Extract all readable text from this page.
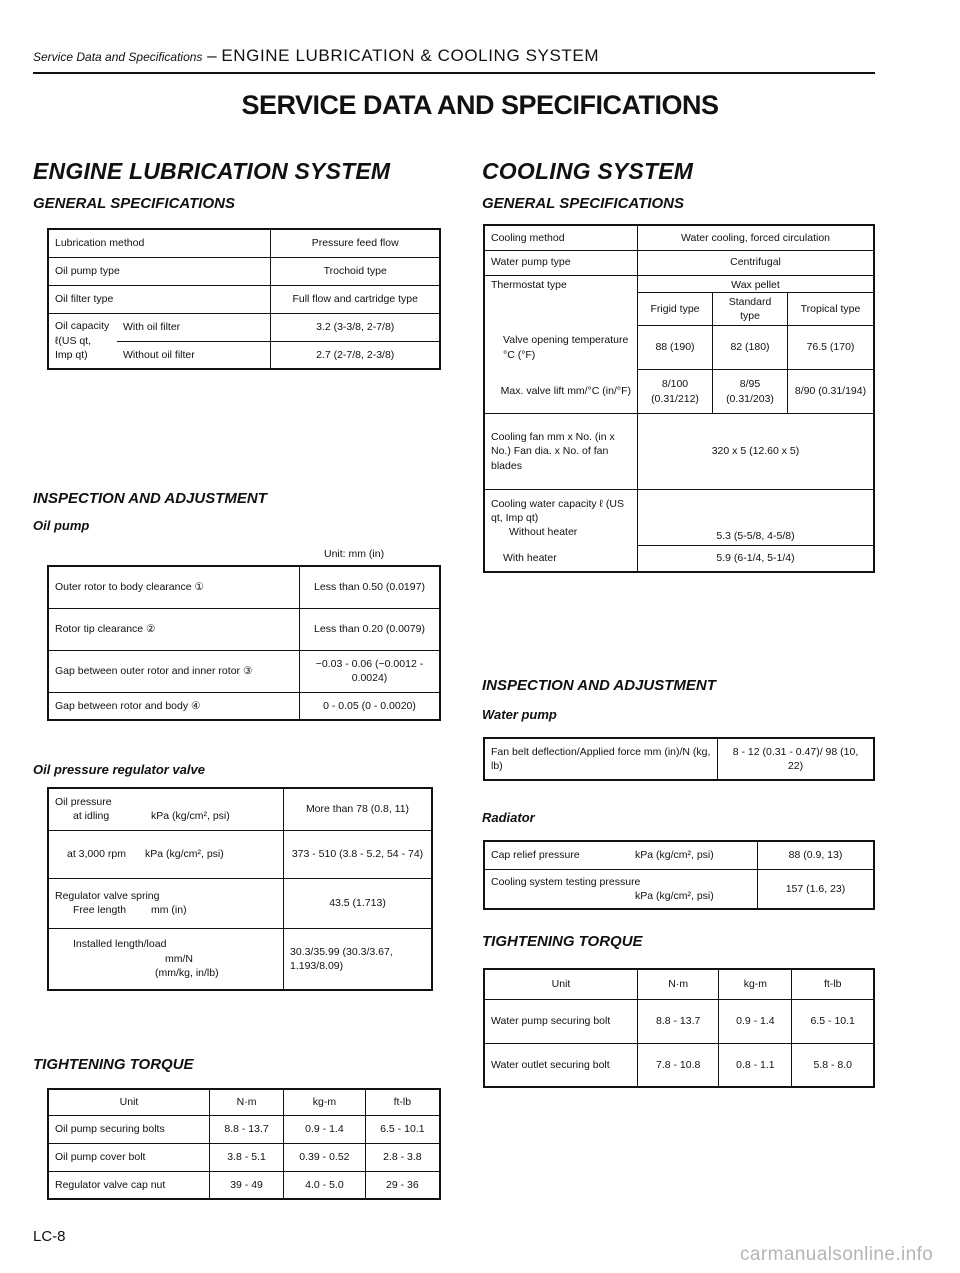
Service Data and Specifications – ENGINE LUBRICATION & COOLING SYSTEM
SERVICE DATA AND SPECIFICATIONS
ENGINE LUBRICATION SYSTEM
GENERAL SPECIFICATIONS
Lubrication method		Pressure feed flow
Oil pump type		Trochoid type
Oil filter type		Full flow and cartridge type
Oil capacity ℓ(US qt, Imp qt)	With oil filter	3.2 (3-3/8, 2-7/8)
	Without oil filter	2.7 (2-7/8, 2-3/8)
INSPECTION AND ADJUSTMENT
Oil pump
Unit: mm (in)
Outer rotor to body clearance ①	Less than 0.50 (0.0197)
Rotor tip clearance ②	Less than 0.20 (0.0079)
Gap between outer rotor and inner rotor ③	−0.03 - 0.06 (−0.0012 - 0.0024)
Gap between rotor and body ④	0 - 0.05 (0 - 0.0020)
Oil pressure regulator valve
Oil pressure
at idling kPa (kg/cm², psi)	More than 78 (0.8, 11)
at 3,000 rpm kPa (kg/cm², psi)	373 - 510 (3.8 - 5.2, 54 - 74)

Regulator valve spring
Free length mm (in)	43.5 (1.713)

Installed length/load
mm/N
(mm/kg, in/lb)	30.3/35.99 (30.3/3.67, 1.193/8.09)
TIGHTENING TORQUE
Unit	N·m	kg-m	ft-lb
Oil pump securing bolts	8.8 - 13.7	0.9 - 1.4	6.5 - 10.1
Oil pump cover bolt	3.8 - 5.1	0.39 - 0.52	2.8 - 3.8
Regulator valve cap nut	39 - 49	4.0 - 5.0	29 - 36
COOLING SYSTEM
GENERAL SPECIFICATIONS
Cooling method	Water cooling, forced circulation		
Water pump type	Centrifugal		
Thermostat type	Wax pellet		
	Frigid type	Standard type	Tropical type
Valve opening temperature °C (°F)	88 (190)	82 (180)	76.5 (170)
Max. valve lift mm/°C (in/°F)	8/100 (0.31/212)	8/95 (0.31/203)	8/90 (0.31/194)
Cooling fan mm x No. (in x No.) Fan dia. x No. of fan blades	320 x 5 (12.60 x 5)		

Cooling water capacity ℓ (US qt, Imp qt)
Without heater	5.3 (5-5/8, 4-5/8)		
With heater	5.9 (6-1/4, 5-1/4)		
INSPECTION AND ADJUSTMENT
Water pump
Fan belt deflection/Applied force mm (in)/N (kg, lb)	8 - 12 (0.31 - 0.47)/ 98 (10, 22)
Radiator
Cap relief pressure kPa (kg/cm², psi)	88 (0.9, 13)

Cooling system testing pressure
kPa (kg/cm², psi)	157 (1.6, 23)
TIGHTENING TORQUE
Unit	N·m	kg-m	ft-lb
Water pump securing bolt	8.8 - 13.7	0.9 - 1.4	6.5 - 10.1
Water outlet securing bolt	7.8 - 10.8	0.8 - 1.1	5.8 - 8.0
LC-8
carmanualsonline.info
